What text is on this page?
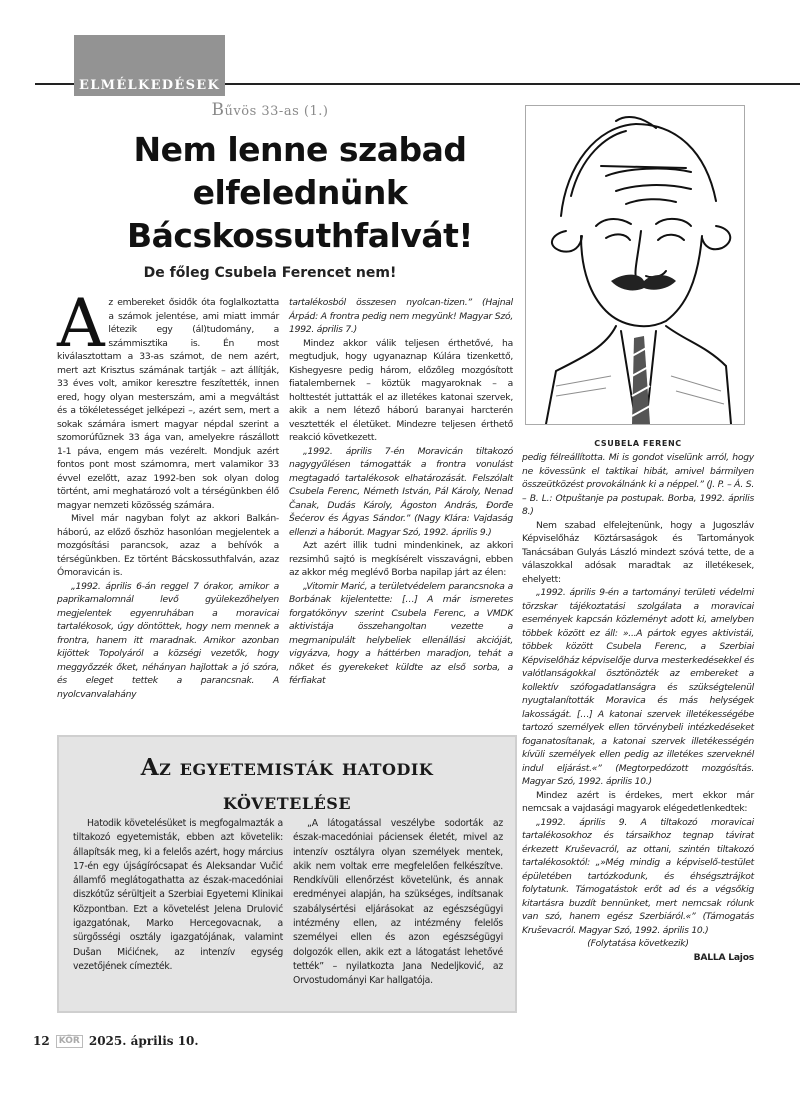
ELMÉLKEDÉSEK
Bűvös 33-as (1.)
Nem lenne szabad
elfelednünk
Bácskossuthfalvát!
De főleg Csubela Ferencet nem!

Az embereket ősidők óta foglalkoztatta a számok jelentése, ami miatt immár létezik egy (ál)tudomány, a számmisztika is. Én most kiválasztottam a 33-as számot, de nem azért, mert azt Krisztus számának tartják – azt állítják, 33 éves volt, amikor keresztre feszítették, innen ered, hogy olyan mesterszám, ami a megváltást és a tökéletességet jelképezi –, azért sem, mert a sokak számára ismert magyar népdal szerint a szomorúfűznek 33 ága van, amelyekre rászállott 1-1 páva, engem más vezérelt. Mondjuk azért fontos pont most számomra, mert valamikor 33 évvel ezelőtt, azaz 1992-ben sok olyan dolog történt, ami meghatározó volt a térségünkben élő magyar nemzeti közösség számára.

Mivel már nagyban folyt az akkori Balkán-háború, az előző őszhöz hasonlóan megjelentek a mozgósítási parancsok, azaz a behívók a térségünkben. Ez történt Bácskossuthfalván, azaz Ómoravicán is.

„1992. április 6-án reggel 7 órakor, amikor a paprikamalomnál levő gyülekezőhelyen megjelentek egyenruhában a moravicai tartalékosok, úgy döntöttek, hogy nem mennek a frontra, hanem itt maradnak. Amikor azonban kijöttek Topolyáról a községi vezetők, hogy meggyőzzék őket, néhányan hajlottak a jó szóra, és eleget tettek a parancsnak. A nyolcvanvalahány

tartalékosból összesen nyolcan-tizen.” (Hajnal Árpád: A frontra pedig nem megyünk! Magyar Szó, 1992. április 7.)

Mindez akkor válik teljesen érthetővé, ha megtudjuk, hogy ugyanaznap Kúlára tizenkettő, Kishegyesre pedig három, előzőleg mozgósított fiatalembernek – köztük magyaroknak – a holttestét juttatták el az illetékes katonai szervek, akik a nem létező háború baranyai harcterén vesztették el életüket. Mindezre teljesen érthető reakció következett.

„1992. április 7-én Moravicán tiltakozó nagygyűlésen támogatták a frontra vonulást megtagadó tartalékosok elhatározását. Felszólalt Csubela Ferenc, Németh István, Pál Károly, Nenad Čanak, Dudás Károly, Ágoston András, Đorđe Šećerov és Ágyas Sándor.” (Nagy Klára: Vajdaság ellenzi a háborút. Magyar Szó, 1992. április 9.)

Azt azért illik tudni mindenkinek, az akkori rezsimhű sajtó is megkísérelt visszavágni, ebben az akkor még meglévő Borba napilap járt az élen:

„Vitomir Marić, a területvédelem parancsnoka a Borbának kijelentette: […] A már ismeretes forgatókönyv szerint Csubela Ferenc, a VMDK aktivistája összehangoltan vezette a megmanipulált helybeliek ellenállási akcióját, vigyázva, hogy a háttérben maradjon, tehát a nőket és gyerekeket küldte az első sorba, a férfiakat

CSUBELA FERENC

pedig félreállította. Mi is gondot viselünk arról, hogy ne kövessünk el taktikai hibát, amivel bármilyen összeütközést provokálnánk ki a néppel.” (J. P. – Á. S. – B. L.: Otpuštanje pa postupak. Borba, 1992. április 8.)

Nem szabad elfelejtenünk, hogy a Jugoszláv Képviselőház Köztársaságok és Tartományok Tanácsában Gulyás László mindezt szóvá tette, de a válaszokkal adósak maradtak az illetékesek, ehelyett:

„1992. április 9-én a tartományi területi védelmi törzskar tájékoztatási szolgálata a moravicai események kapcsán közleményt adott ki, amelyben többek között ez áll: »...A pártok egyes aktivistái, többek között Csubela Ferenc, a Szerbiai Képviselőház képviselője durva mesterkedésekkel és valótlanságokkal ösztönözték az embereket a kollektív szófogadatlanságra és szükségtelenül nyugtalanították Moravica és más helységek lakosságát. […] A katonai szervek illetékességébe tartozó személyek ellen törvénybeli intézkedéseket foganatosítanak, a katonai szervek illetékességén kívüli személyek ellen pedig az illetékes szerveknél indul eljárást.«” (Megtorpedózott mozgósítás. Magyar Szó, 1992. április 10.)

Mindez azért is érdekes, mert ekkor már nemcsak a vajdasági magyarok elégedetlenkedtek:

„1992. április 9. A tiltakozó moravicai tartalékosokhoz és társaikhoz tegnap távirat érkezett Kruševacról, az ottani, szintén tiltakozó tartalékosoktól: „»Még mindig a képviselő-testület épületében tartózkodunk, és éhségsztrájkot folytatunk. Támogatástok erőt ad és a végsőkig kitartásra buzdít bennünket, mert nemcsak rólunk van szó, hanem egész Szerbiáról.«” (Támogatás Kruševacról. Magyar Szó, 1992. április 10.)

(Folytatása következik)

BALLA Lajos

Az egyetemisták hatodik
követelése

Hatodik követelésüket is megfogalmazták a tiltakozó egyetemisták, ebben azt követelik: állapítsák meg, ki a felelős azért, hogy március 17-én egy újságírócsapat és Aleksandar Vučić államfő meglátogathatta az észak-macedóniai diszkótűz sérültjeit a Szerbiai Egyetemi Klinikai Központban. Ezt a követelést Jelena Drulović igazgatónak, Marko Hercegovacnak, a sürgősségi osztály igazgatójának, valamint Dušan Mićićnek, az intenzív egység vezetőjének címezték.

„A látogatással veszélybe sodorták az észak-macedóniai páciensek életét, mivel az intenzív osztályra olyan személyek mentek, akik nem voltak erre megfelelően felkészítve. Rendkívüli ellenőrzést követelünk, és annak eredményei alapján, ha szükséges, indítsanak szabálysértési eljárásokat az egészségügyi intézmény ellen, az intézmény felelős személyei ellen és azon egészségügyi dolgozók ellen, akik ezt a látogatást lehetővé tették” – nyilatkozta Jana Nedeljković, az Orvostudományi Kar hallgatója.

12	KÖR 2025. április 10.
